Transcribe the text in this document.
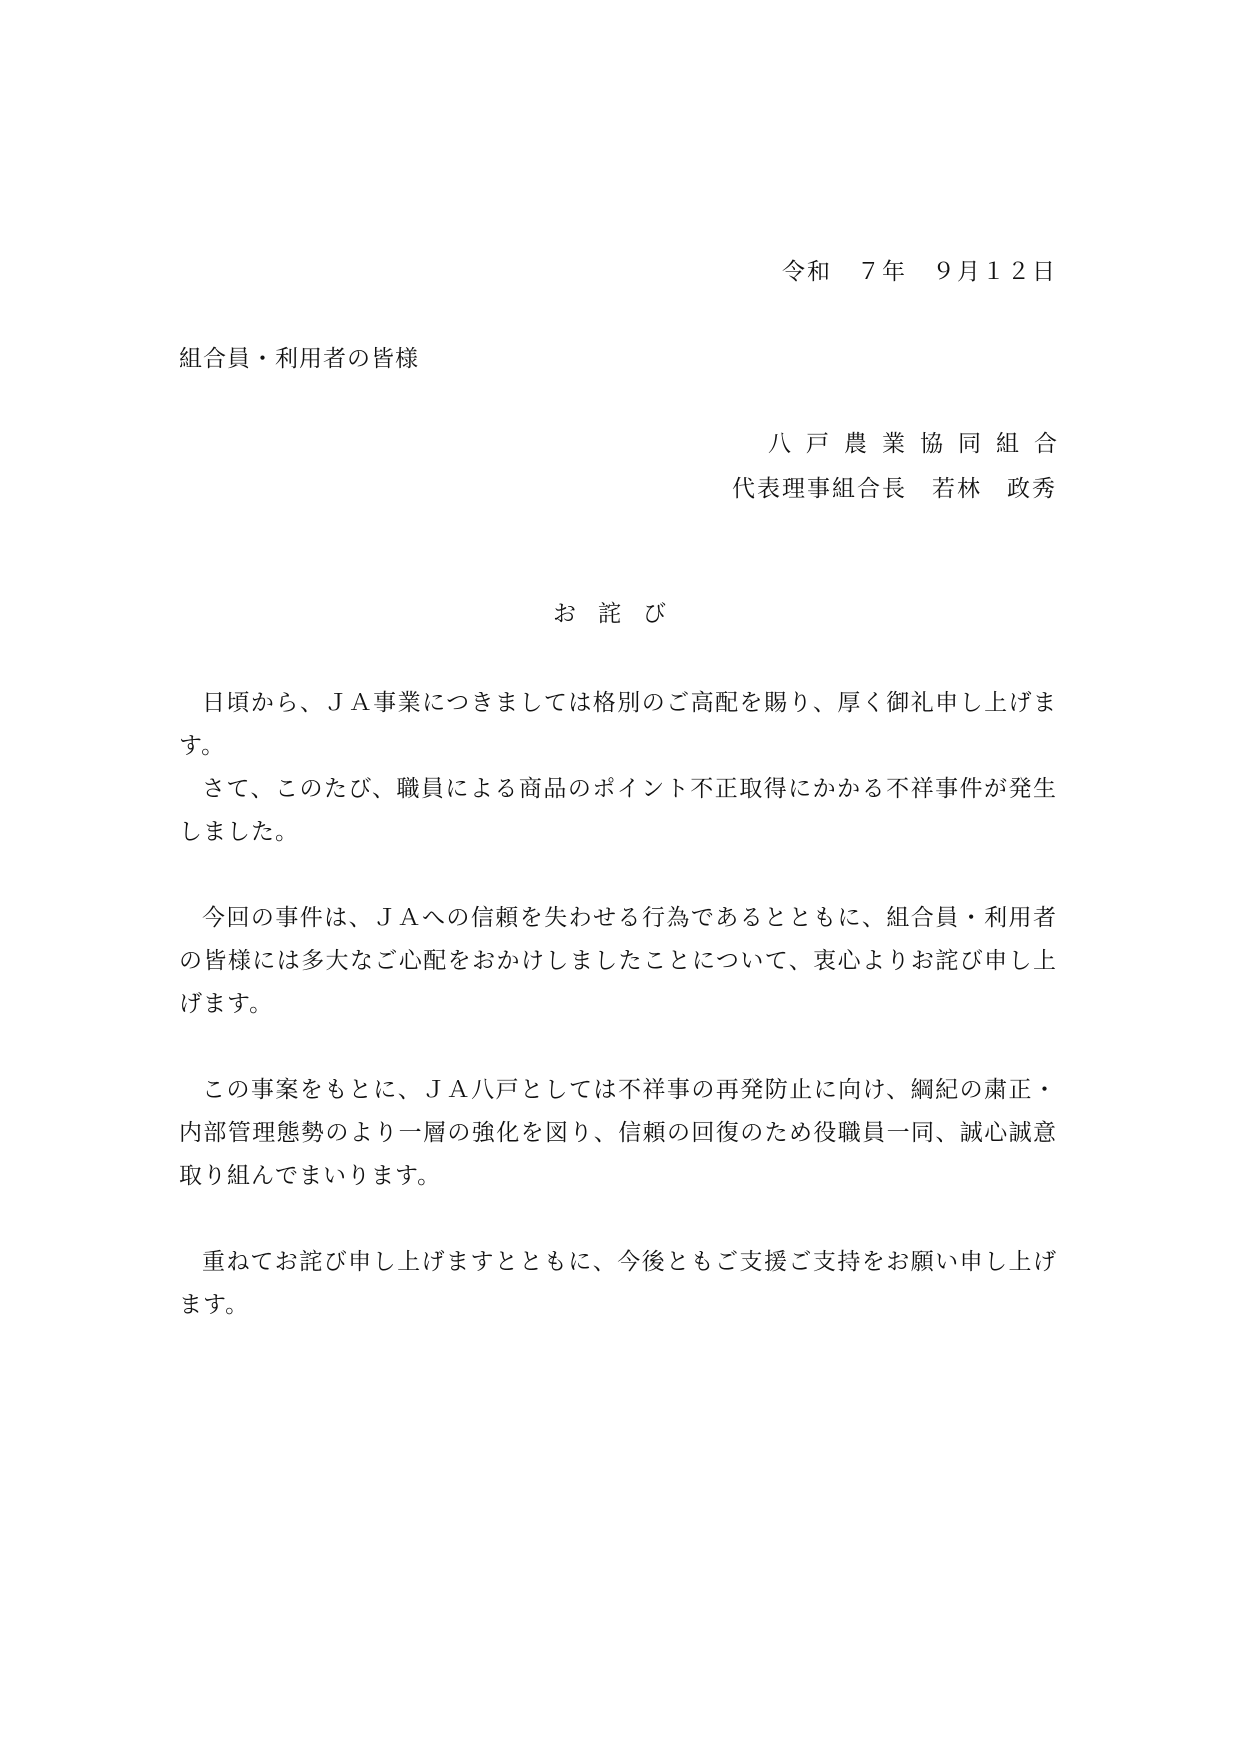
令和　７年　９月１２日
組合員・利用者の皆様
八戸農業協同組合
代表理事組合長　若林　政秀
お詫び

日頃から、ＪＡ事業につきましては格別のご高配を賜り、厚く御礼申し上げます。

さて、このたび、職員による商品のポイント不正取得にかかる不祥事件が発生しました。

今回の事件は、ＪＡへの信頼を失わせる行為であるとともに、組合員・利用者の皆様には多大なご心配をおかけしましたことについて、衷心よりお詫び申し上げます。

この事案をもとに、ＪＡ八戸としては不祥事の再発防止に向け、綱紀の粛正・内部管理態勢のより一層の強化を図り、信頼の回復のため役職員一同、誠心誠意取り組んでまいります。

重ねてお詫び申し上げますとともに、今後ともご支援ご支持をお願い申し上げます。
